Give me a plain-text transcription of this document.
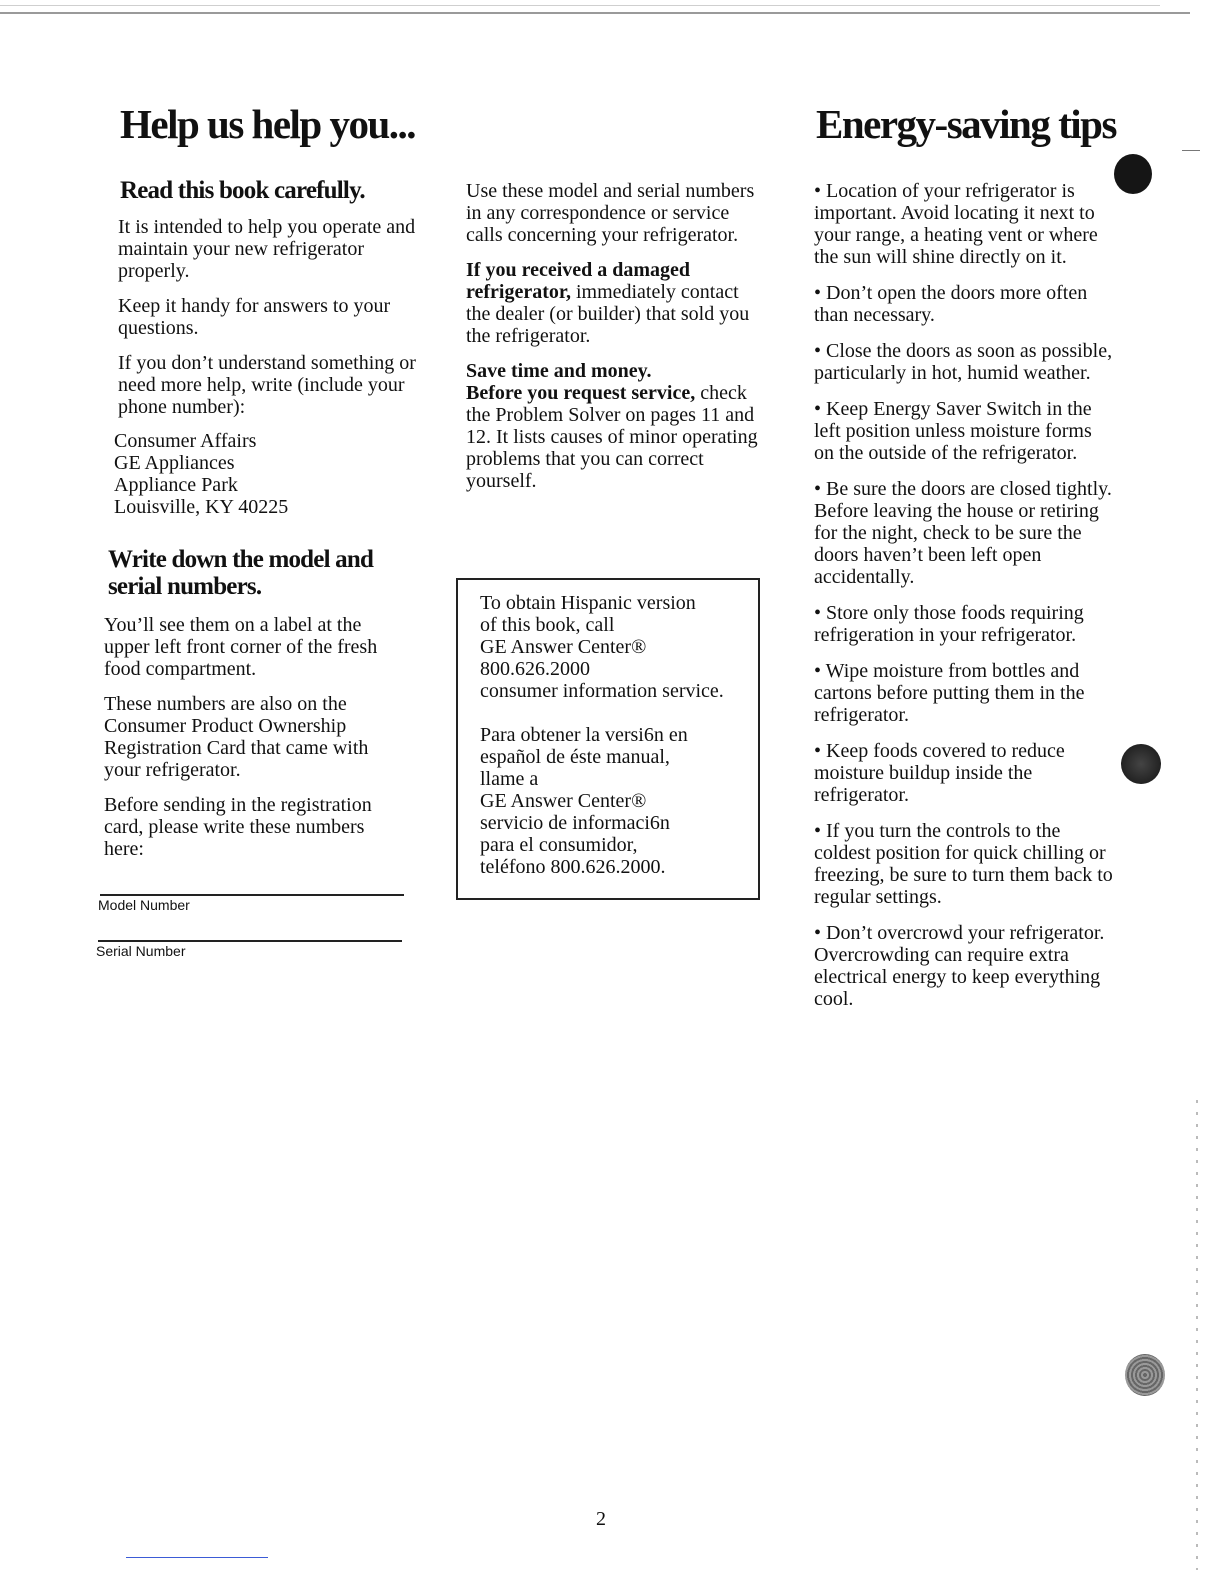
Help us help you...
Read this book carefully.

It is intended to help you operate and maintain your new refrigerator properly.

Keep it handy for answers to your questions.

If you don’t understand something or need more help, write (include your phone number):

Consumer Affairs
GE Appliances
Appliance Park
Louisville, KY 40225
Write down the model and serial numbers.

You’ll see them on a label at the upper left front corner of the fresh food compartment.

These numbers are also on the Consumer Product Ownership Registration Card that came with your refrigerator.

Before sending in the registration card, please write these numbers here:

Model Number
Serial Number

Use these model and serial numbers in any correspondence or service calls concerning your refrigerator.

If you received a damaged refrigerator, immediately contact the dealer (or builder) that sold you the refrigerator.

Save time and money.
Before you request service, check the Problem Solver on pages 11 and 12. It lists causes of minor operating problems that you can correct yourself.

To obtain Hispanic version

of this book, call

GE Answer Center®

800.626.2000

consumer information service.

Para obtener la versi6n en

español de éste manual,

llame a

GE Answer Center®

servicio de informaci6n

para el consumidor,

teléfono 800.626.2000.

Energy-saving tips

• Location of your refrigerator is important. Avoid locating it next to your range, a heating vent or where the sun will shine directly on it.

• Don’t open the doors more often than necessary.

• Close the doors as soon as possible, particularly in hot, humid weather.

• Keep Energy Saver Switch in the left position unless moisture forms on the outside of the refrigerator.

• Be sure the doors are closed tightly. Before leaving the house or retiring for the night, check to be sure the doors haven’t been left open accidentally.

• Store only those foods requiring refrigeration in your refrigerator.

• Wipe moisture from bottles and cartons before putting them in the refrigerator.

• Keep foods covered to reduce moisture buildup inside the refrigerator.

• If you turn the controls to the coldest position for quick chilling or freezing, be sure to turn them back to regular settings.

• Don’t overcrowd your refrigerator. Overcrowding can require extra electrical energy to keep everything cool.

2
